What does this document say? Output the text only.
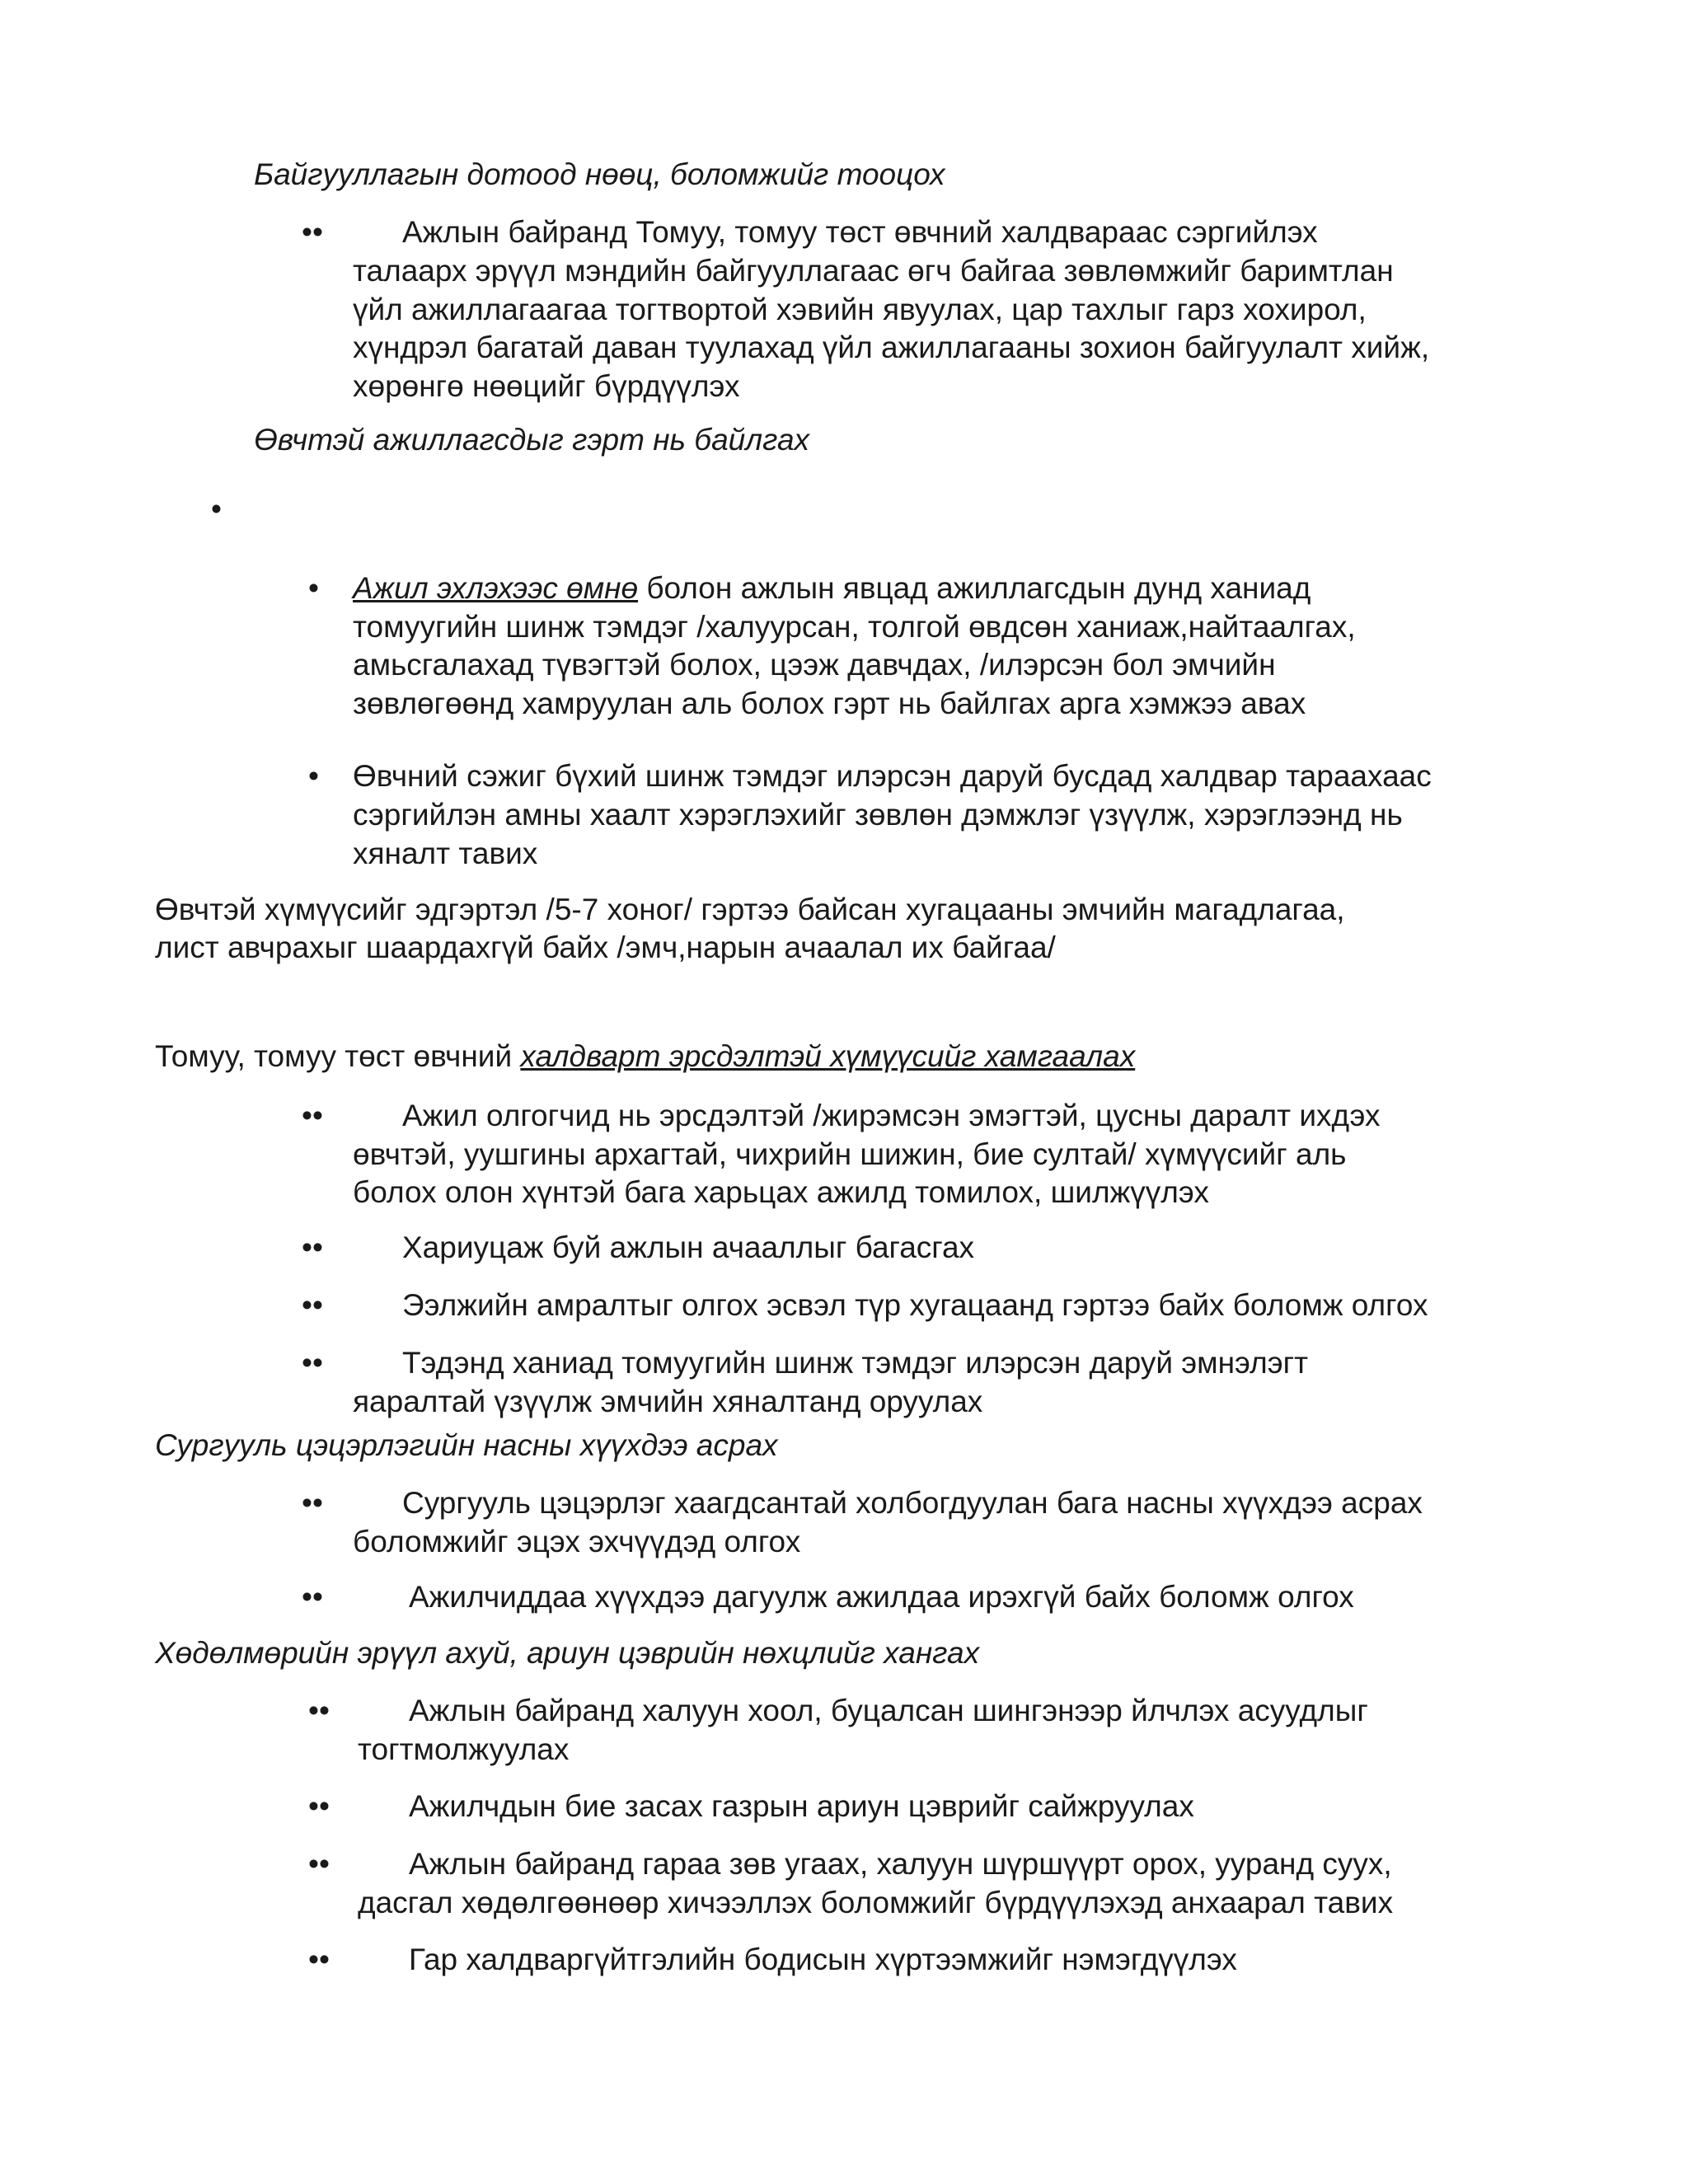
Байгууллагын дотоод нөөц, боломжийг тооцох

••	Ажлын байранд Томуу, томуу төст өвчний халдвараас сэргийлэх
талаарх эрүүл мэндийн байгууллагаас өгч байгаа зөвлөмжийг баримтлан
үйл ажиллагаагаа тогтвортой хэвийн явуулах, цар тахлыг гарз хохирол,
хүндрэл багатай даван туулахад үйл ажиллагааны зохион байгуулалт хийж,
хөрөнгө нөөцийг бүрдүүлэх

Өвчтэй ажиллагсдыг гэрт нь байлгах

•
• Ажил эхлэхээс өмнө болон ажлын явцад ажиллагсдын дунд ханиад
томуугийн шинж тэмдэг /халуурсан, толгой өвдсөн ханиаж,найтаалгах,
амьсгалахад түвэгтэй болох, цээж давчдах, /илэрсэн бол эмчийн
зөвлөгөөнд хамруулан аль болох гэрт нь байлгах арга хэмжээ авах
• Өвчний сэжиг бүхий шинж тэмдэг илэрсэн даруй бусдад халдвар тараахаас
сэргийлэн амны хаалт хэрэглэхийг зөвлөн дэмжлэг үзүүлж, хэрэглээнд нь
хяналт тавих
Өвчтэй хүмүүсийг эдгэртэл /5-7 хоног/ гэртээ байсан хугацааны эмчийн магадлагаа,
лист авчрахыг шаардахгүй байх /эмч,нарын ачаалал их байгаа/
Томуу, томуу төст өвчний халдварт эрсдэлтэй хүмүүсийг хамгаалах
••	Ажил олгогчид нь эрсдэлтэй /жирэмсэн эмэгтэй, цусны даралт ихдэх
өвчтэй, уушгины архагтай, чихрийн шижин, бие султай/ хүмүүсийг аль
болох олон хүнтэй бага харьцах ажилд томилох, шилжүүлэх
••	Хариуцаж буй ажлын ачааллыг багасгах
••	Ээлжийн амралтыг олгох эсвэл түр хугацаанд гэртээ байх боломж олгох
••	Тэдэнд ханиад томуугийн шинж тэмдэг илэрсэн даруй эмнэлэгт
яаралтай үзүүлж эмчийн хяналтанд оруулах

Сургууль цэцэрлэгийн насны хүүхдээ асрах

••	Сургууль цэцэрлэг хаагдсантай холбогдуулан бага насны хүүхдээ асрах
боломжийг эцэх эхчүүдэд олгох
••	Ажилчиддаа хүүхдээ дагуулж ажилдаа ирэхгүй байх боломж олгох

Хөдөлмөрийн эрүүл ахуй, ариун цэврийн нөхцлийг хангах

••	Ажлын байранд халуун хоол, буцалсан шингэнээр йлчлэх асуудлыг
тогтмолжуулах
••	Ажилчдын бие засах газрын ариун цэврийг сайжруулах
••	Ажлын байранд гараа зөв угаах, халуун шүршүүрт орох, ууранд суух,
дасгал хөдөлгөөнөөр хичээллэх боломжийг бүрдүүлэхэд анхаарал тавих
••	Гар халдваргүйтгэлийн бодисын хүртээмжийг нэмэгдүүлэх
